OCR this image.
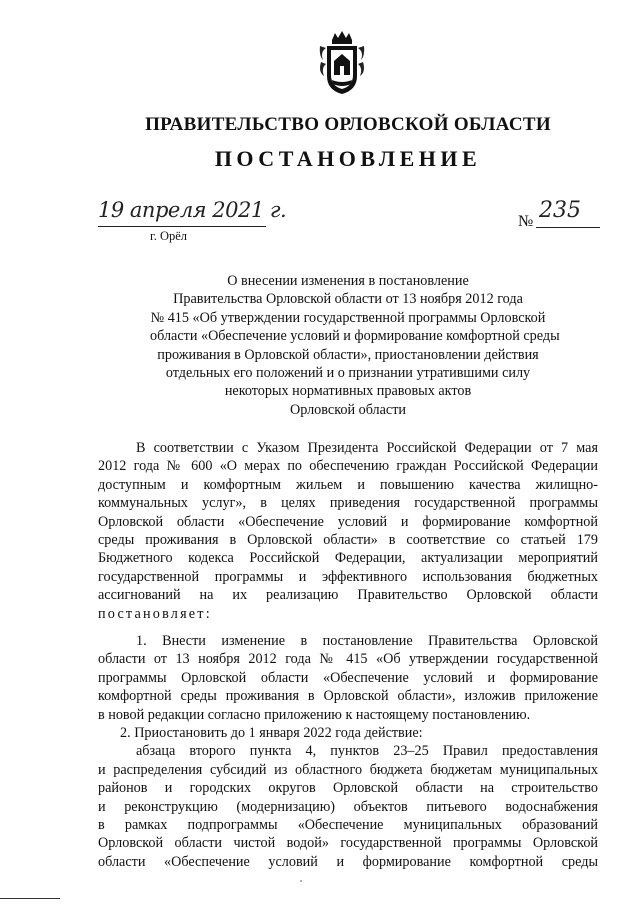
ПРАВИТЕЛЬСТВО ОРЛОВСКОЙ ОБЛАСТИ
ПОСТАНОВЛЕНИЕ
19 апреля 2021 г.
г. Орёл
№ 235
О внесении изменения в постановление
Правительства Орловской области от 13 ноября 2012 года
№ 415 «Об утверждении государственной программы Орловской
области «Обеспечение условий и формирование комфортной среды
проживания в Орловской области», приостановлении действия
отдельных его положений и о признании утратившими силу
некоторых нормативных правовых актов
Орловской области
В соответствии с Указом Президента Российской Федерации от 7 мая
2012 года № 600 «О мерах по обеспечению граждан Российской Федерации
доступным и комфортным жильем и повышению качества жилищно-
коммунальных услуг», в целях приведения государственной программы
Орловской области «Обеспечение условий и формирование комфортной
среды проживания в Орловской области» в соответствие со статьей 179
Бюджетного кодекса Российской Федерации, актуализации мероприятий
государственной программы и эффективного использования бюджетных
ассигнований на их реализацию Правительство Орловской области
постановляет:
1. Внести изменение в постановление Правительства Орловской
области от 13 ноября 2012 года № 415 «Об утверждении государственной
программы Орловской области «Обеспечение условий и формирование
комфортной среды проживания в Орловской области», изложив приложение
в новой редакции согласно приложению к настоящему постановлению.
2. Приостановить до 1 января 2022 года действие:
абзаца второго пункта 4, пунктов 23–25 Правил предоставления
и распределения субсидий из областного бюджета бюджетам муниципальных
районов и городских округов Орловской области на строительство
и реконструкцию (модернизацию) объектов питьевого водоснабжения
в рамках подпрограммы «Обеспечение муниципальных образований
Орловской области чистой водой» государственной программы Орловской
области «Обеспечение условий и формирование комфортной среды
